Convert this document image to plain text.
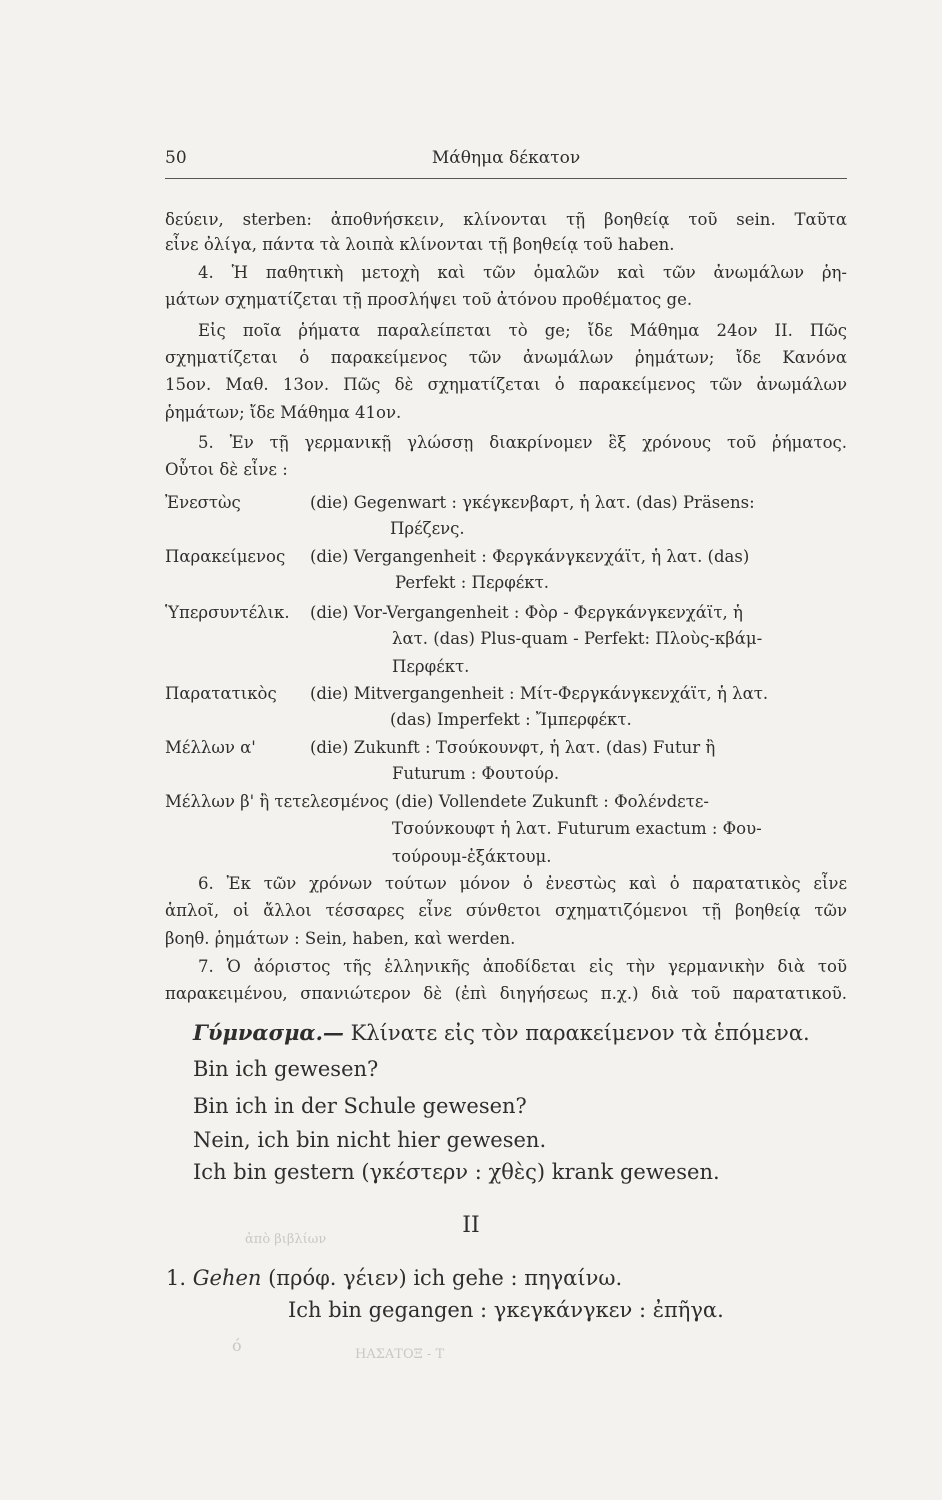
50	Μάθημα δέκατον
δεύειν, sterben: ἀποθνήσκειν, κλίνονται τῇ βοηθείᾳ τοῦ sein. Ταῦτα
εἶνε ὀλίγα, πάντα τὰ λοιπὰ κλίνονται τῇ βοηθείᾳ τοῦ haben.
4. Ἡ παθητικὴ μετοχὴ καὶ τῶν ὁμαλῶν καὶ τῶν ἀνωμάλων ῥη-
μάτων σχηματίζεται τῇ προσλήψει τοῦ ἀτόνου προθέματος ge.
Εἰς ποῖα ῥήματα παραλείπεται τὸ ge; ἴδε Μάθημα 24ον ΙΙ. Πῶς
σχηματίζεται ὁ παρακείμενος τῶν ἀνωμάλων ῥημάτων; ἴδε Κανόνα
15ον. Μαθ. 13ον. Πῶς δὲ σχηματίζεται ὁ παρακείμενος τῶν ἀνωμάλων
ῥημάτων; ἴδε Μάθημα 41ον.
5. Ἐν τῇ γερμανικῇ γλώσσῃ διακρίνομεν ἓξ χρόνους τοῦ ῥήματος.
Οὗτοι δὲ εἶνε :
Ἐνεστὼς	(die) Gegenwart : γκέγκενβαρτ, ἡ λατ. (das) Präsens:
Πρέζενς.
Παρακείμενος (die) Vergangenheit : Φεργκάνγκενχάϊτ, ἡ λατ. (das)
Perfekt : Περφέκτ.
Ὑπερσυντέλικ. (die) Vor-Vergangenheit : Φὸρ - Φεργκάνγκενχάϊτ, ἡ
λατ. (das) Plus-quam - Perfekt: Πλοὺς-κβάμ-
Περφέκτ.
Παρατατικὸς (die) Mitvergangenheit : Μίτ-Φεργκάνγκενχάϊτ, ἡ λατ.
(das) Imperfekt : Ἴμπερφέκτ.
Μέλλων α'	(die) Zukunft : Τσούκουνφτ, ἡ λατ. (das) Futur ἢ
Futurum : Φουτούρ.
Μέλλων β' ἢ τετελεσμένος (die) Vollendete Zukunft : Φολένdετε-
Τσούνκουφτ ἡ λατ. Futurum exactum : Φου-
τούρουμ-ἐξάκτουμ.
6. Ἐκ τῶν χρόνων τούτων μόνον ὁ ἐνεστὼς καὶ ὁ παρατατικὸς εἶνε
ἁπλοῖ, οἱ ἄλλοι τέσσαρες εἶνε σύνθετοι σχηματιζόμενοι τῇ βοηθείᾳ τῶν
βοηθ. ῥημάτων : Sein, haben, καὶ werden.
7. Ὁ ἀόριστος τῆς ἑλληνικῆς ἀποδίδεται εἰς τὴν γερμανικὴν διὰ τοῦ
παρακειμένου, σπανιώτερον δὲ (ἐπὶ διηγήσεως π.χ.) διὰ τοῦ παρατατικοῦ.
Γύμνασμα.— Κλίνατε εἰς τὸν παρακείμενον τὰ ἑπόμενα.
Bin ich gewesen?
Bin ich in der Schule gewesen?
Nein, ich bin nicht hier gewesen.
Ich bin gestern (γκέστερν : χθὲς) krank gewesen.
ἀπὸ βιβλίων
ΗΑΣΑΤΟΞ - Τ
ό
II
1. Gehen (πρόφ. γέιεν) ich gehe : πηγαίνω.
Ich bin gegangen : γκεγκάνγκεν : ἐπῆγα.
